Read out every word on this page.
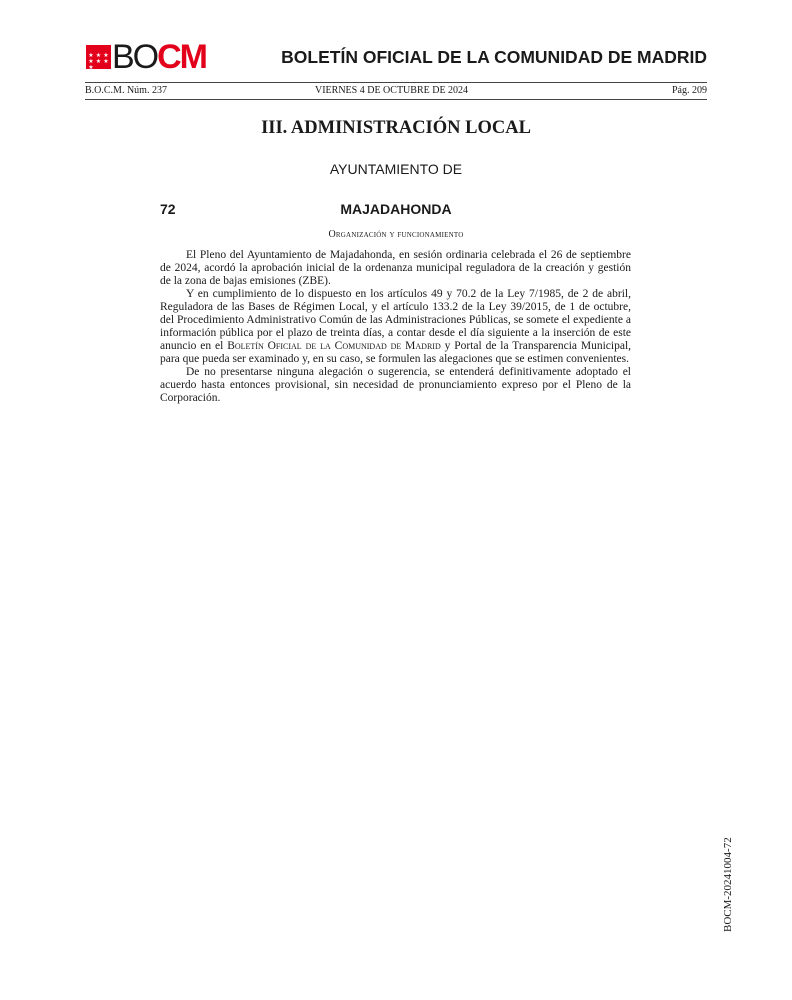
★ ★ ★
★ ★ ★
★ BOCM	BOLETÍN OFICIAL DE LA COMUNIDAD DE MADRID
B.O.C.M. Núm. 237	VIERNES 4 DE OCTUBRE DE 2024	Pág. 209
III. ADMINISTRACIÓN LOCAL
AYUNTAMIENTO DE
MAJADAHONDA
72
Organización y funcionamiento

El Pleno del Ayuntamiento de Majadahonda, en sesión ordinaria celebrada el 26 de septiembre de 2024, acordó la aprobación inicial de la ordenanza municipal reguladora de la creación y gestión de la zona de bajas emisiones (ZBE).

Y en cumplimiento de lo dispuesto en los artículos 49 y 70.2 de la Ley 7/1985, de 2 de abril, Reguladora de las Bases de Régimen Local, y el artículo 133.2 de la Ley 39/2015, de 1 de octubre, del Procedimiento Administrativo Común de las Administraciones Públicas, se somete el expediente a información pública por el plazo de treinta días, a contar desde el día siguiente a la inserción de este anuncio en el Boletín Oficial de la Comunidad de Madrid y Portal de la Transparencia Municipal, para que pueda ser examinado y, en su caso, se formulen las alegaciones que se estimen convenientes.

De no presentarse ninguna alegación o sugerencia, se entenderá definitivamente adoptado el acuerdo hasta entonces provisional, sin necesidad de pronunciamiento expreso por el Pleno de la Corporación.

BOCM-20241004-72
